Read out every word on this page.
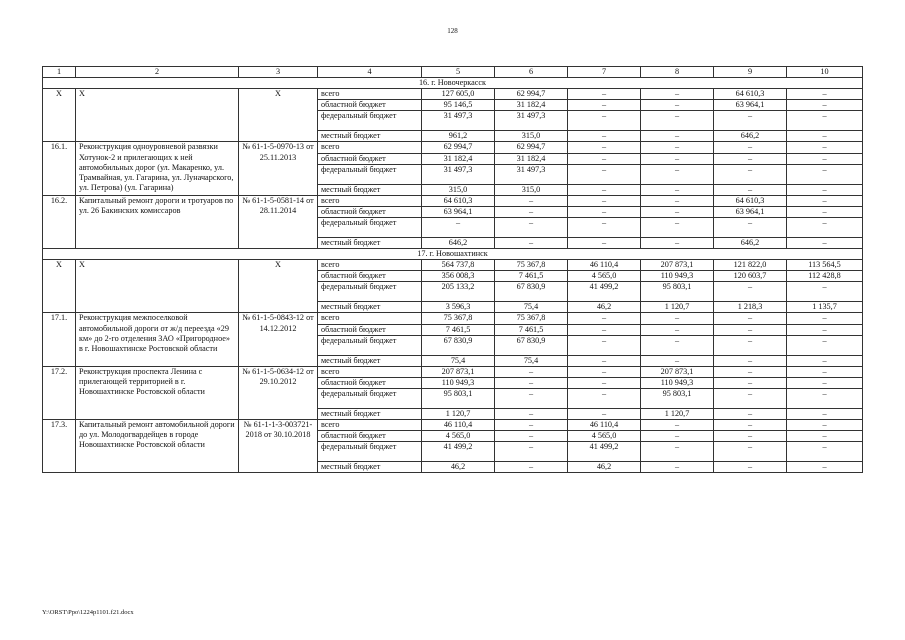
128
1	2	3	4	5	6	7	8	9	10
16. г. Новочеркасск									
Х	Х	Х	всего	127 605,0	62 994,7	–	–	64 610,3	–
			областной бюджет	95 146,5	31 182,4	–	–	63 964,1	–
			федеральный бюджет	31 497,3	31 497,3	–	–	–	–
			местный бюджет	961,2	315,0	–	–	646,2	–
16.1.	Реконструкция одноуровневой развязки Хотунок-2 и прилегающих к ней автомобильных дорог (ул. Макаренко, ул. Трамвайная, ул. Гагарина, ул. Луначарского, ул. Петрова) (ул. Гагарина)	№ 61-1-5-0970-13 от 25.11.2013	всего	62 994,7	62 994,7	–	–	–	–
			областной бюджет	31 182,4	31 182,4	–	–	–	–
			федеральный бюджет	31 497,3	31 497,3	–	–	–	–
			местный бюджет	315,0	315,0	–	–	–	–
16.2.	Капитальный ремонт дороги и тротуаров по ул. 26 Бакинских комиссаров	№ 61-1-5-0581-14 от 28.11.2014	всего	64 610,3	–	–	–	64 610,3	–
			областной бюджет	63 964,1	–	–	–	63 964,1	–
			федеральный бюджет	–	–	–	–	–	–
			местный бюджет	646,2	–	–	–	646,2	–
17. г. Новошахтинск									
Х	Х	Х	всего	564 737,8	75 367,8	46 110,4	207 873,1	121 822,0	113 564,5
			областной бюджет	356 008,3	7 461,5	4 565,0	110 949,3	120 603,7	112 428,8
			федеральный бюджет	205 133,2	67 830,9	41 499,2	95 803,1	–	–
			местный бюджет	3 596,3	75,4	46,2	1 120,7	1 218,3	1 135,7
17.1.	Реконструкция межпоселковой автомобильной дороги от ж/д переезда «29 км» до 2-го отделения ЗАО «Пригородное» в г. Новошахтинске Ростовской области	№ 61-1-5-0843-12 от 14.12.2012	всего	75 367,8	75 367,8	–	–	–	–
			областной бюджет	7 461,5	7 461,5	–	–	–	–
			федеральный бюджет	67 830,9	67 830,9	–	–	–	–
			местный бюджет	75,4	75,4	–	–	–	–
17.2.	Реконструкция проспекта Ленина с прилегающей территорией в г. Новошахтинске Ростовской области	№ 61-1-5-0634-12 от 29.10.2012	всего	207 873,1	–	–	207 873,1	–	–
			областной бюджет	110 949,3	–	–	110 949,3	–	–
			федеральный бюджет	95 803,1	–	–	95 803,1	–	–
			местный бюджет	1 120,7	–	–	1 120,7	–	–
17.3.	Капитальный ремонт автомобильной дороги до ул. Молодогвардейцев в городе Новошахтинске Ростовской области	№ 61-1-1-3-003721-2018 от 30.10.2018	всего	46 110,4	–	46 110,4	–	–	–
			областной бюджет	4 565,0	–	4 565,0	–	–	–
			федеральный бюджет	41 499,2	–	41 499,2	–	–	–
			местный бюджет	46,2	–	46,2	–	–	–
Y:\ORST\Ppo\1224p1101.f21.docx
